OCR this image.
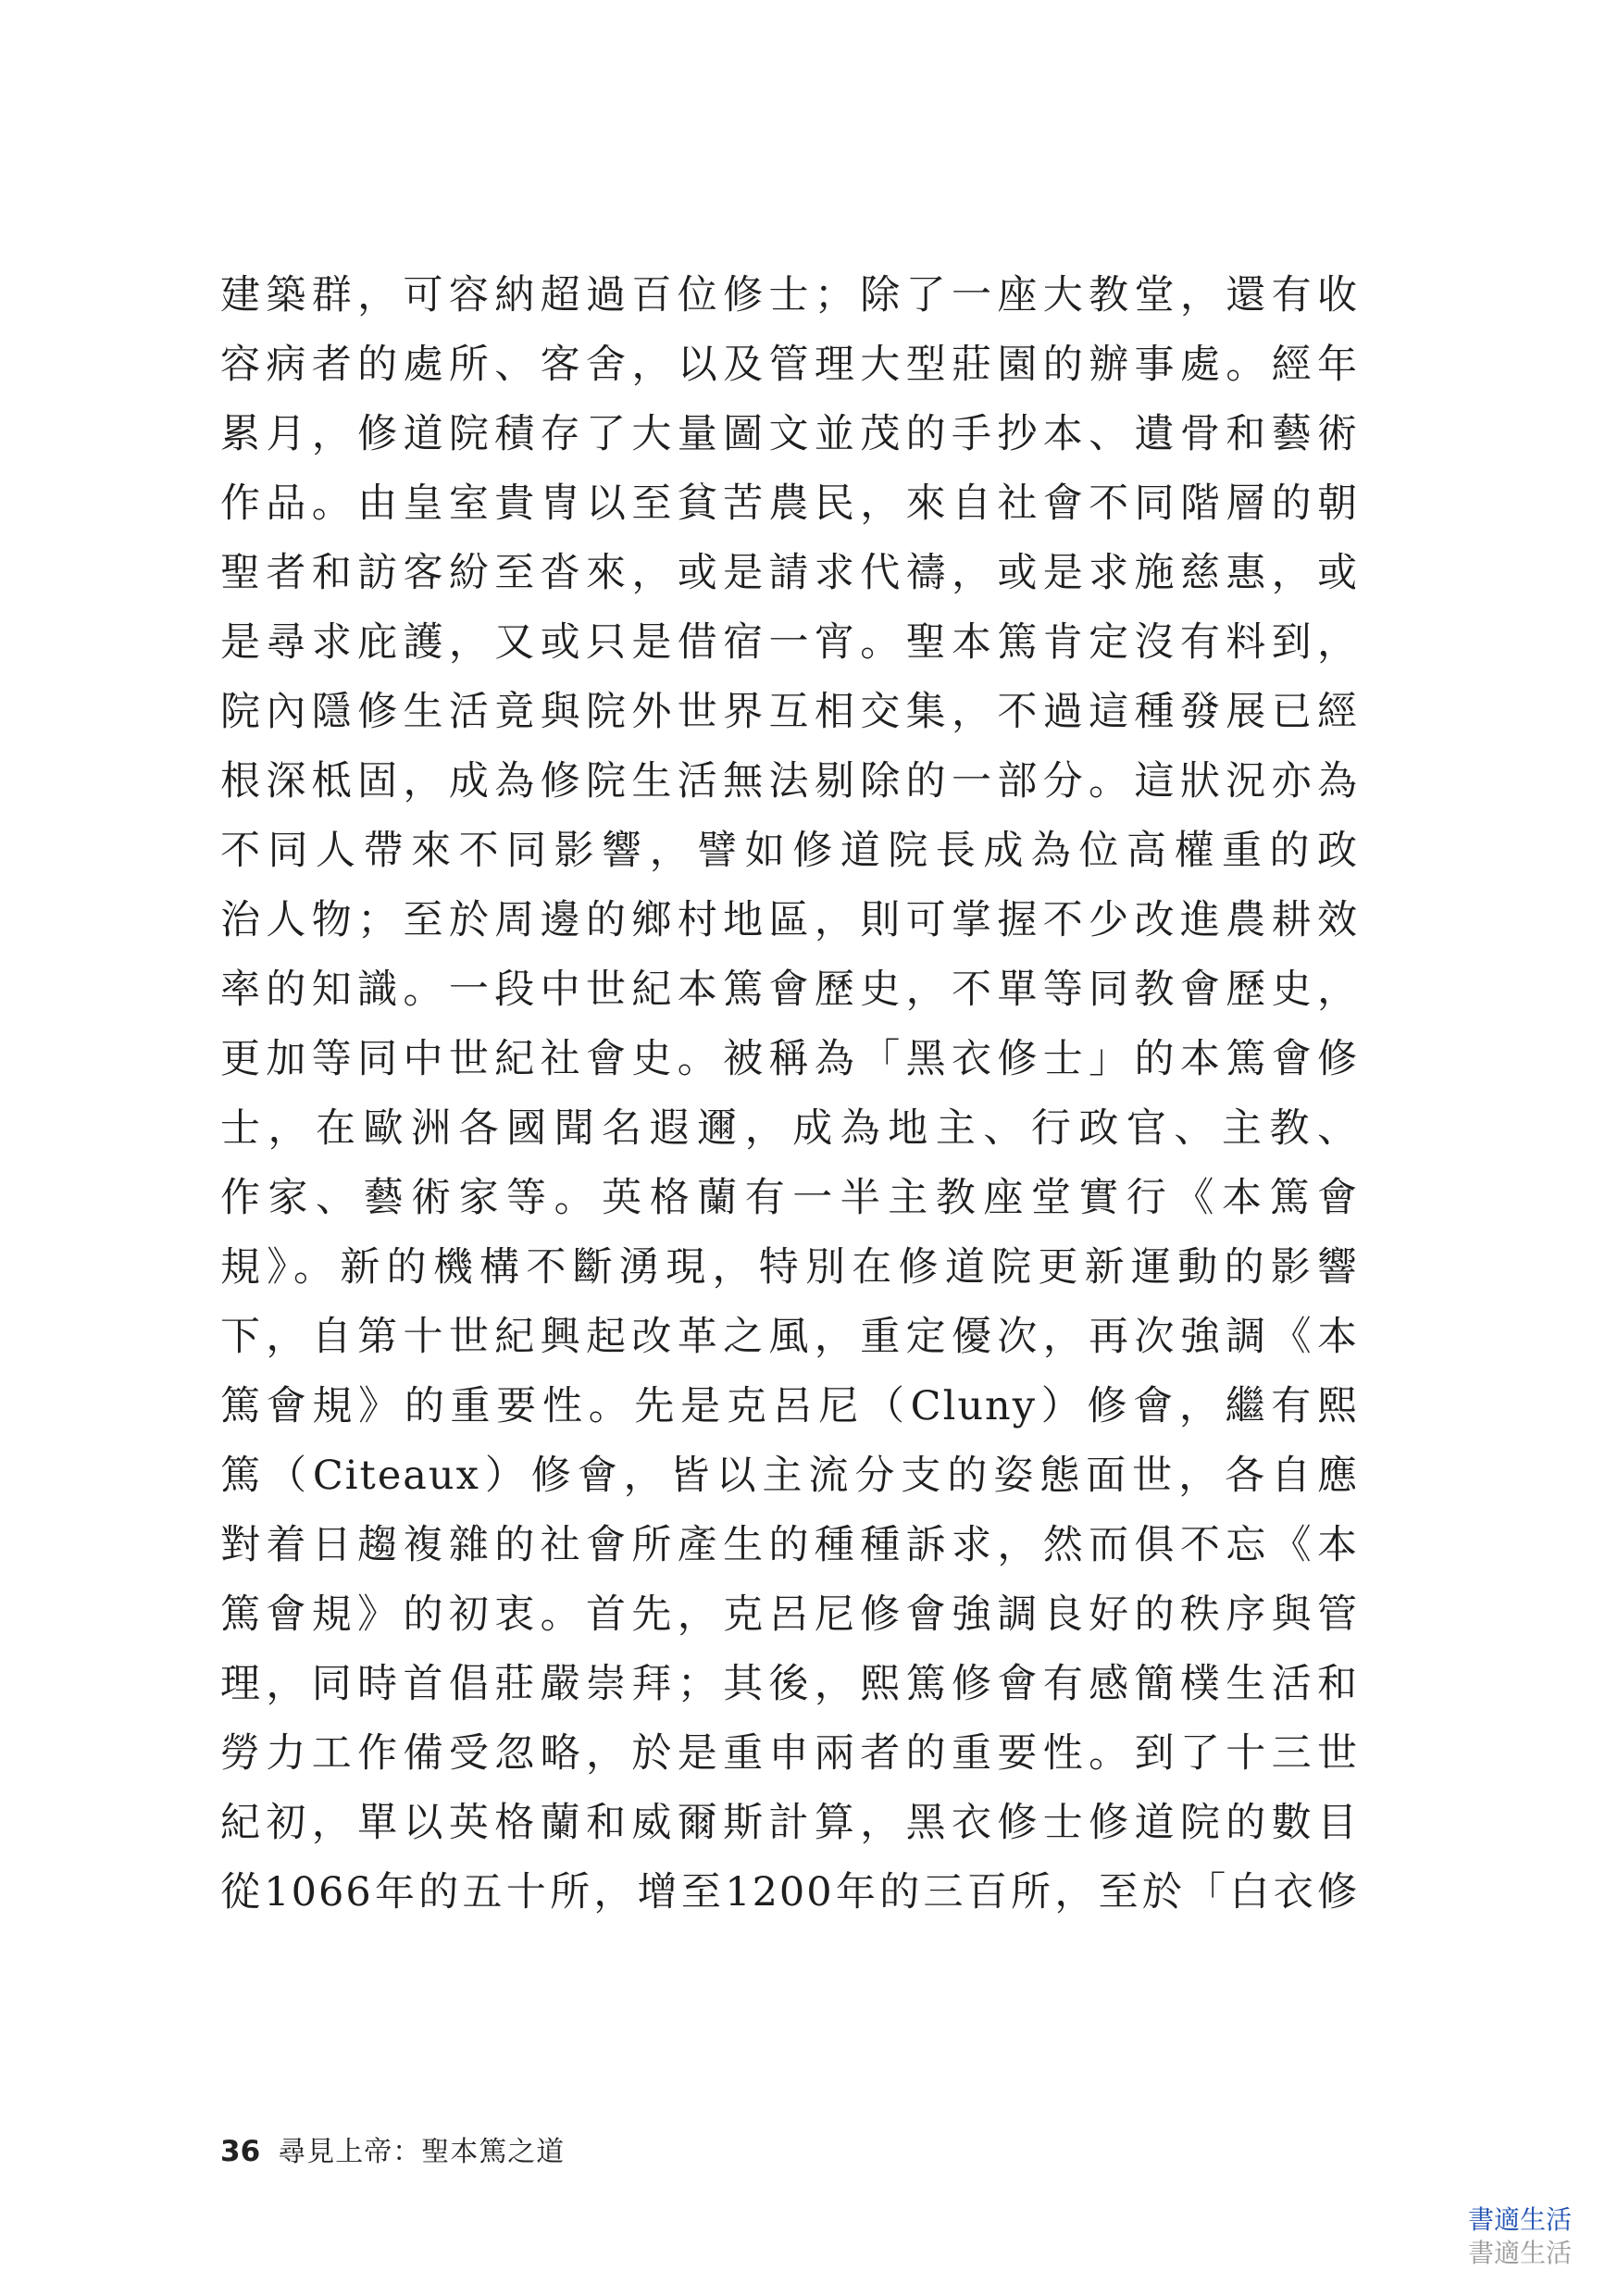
建築群，可容納超過百位修士；除了一座大教堂，還有收
容病者的處所、客舍，以及管理大型莊園的辦事處。經年
累月，修道院積存了大量圖文並茂的手抄本、遺骨和藝術
作品。由皇室貴冑以至貧苦農民，來自社會不同階層的朝
聖者和訪客紛至沓來，或是請求代禱，或是求施慈惠，或
是尋求庇護，又或只是借宿一宵。聖本篤肯定沒有料到，
院內隱修生活竟與院外世界互相交集，不過這種發展已經
根深柢固，成為修院生活無法剔除的一部分。這狀況亦為
不同人帶來不同影響，譬如修道院長成為位高權重的政
治人物；至於周邊的鄉村地區，則可掌握不少改進農耕效
率的知識。一段中世紀本篤會歷史，不單等同教會歷史，
更加等同中世紀社會史。被稱為「黑衣修士」的本篤會修
士，在歐洲各國聞名遐邇，成為地主、行政官、主教、
作家、藝術家等。英格蘭有一半主教座堂實行《本篤會
規》。新的機構不斷湧現，特別在修道院更新運動的影響
下，自第十世紀興起改革之風，重定優次，再次強調《本
篤會規》的重要性。先是克呂尼（Cluny）修會，繼有熙
篤（Citeaux）修會，皆以主流分支的姿態面世，各自應
對着日趨複雜的社會所產生的種種訴求，然而俱不忘《本
篤會規》的初衷。首先，克呂尼修會強調良好的秩序與管
理，同時首倡莊嚴崇拜；其後，熙篤修會有感簡樸生活和
勞力工作備受忽略，於是重申兩者的重要性。到了十三世
紀初，單以英格蘭和威爾斯計算，黑衣修士修道院的數目
從1066年的五十所，增至1200年的三百所，至於「白衣修
36 尋見上帝：聖本篤之道
書適生活
書適生活
